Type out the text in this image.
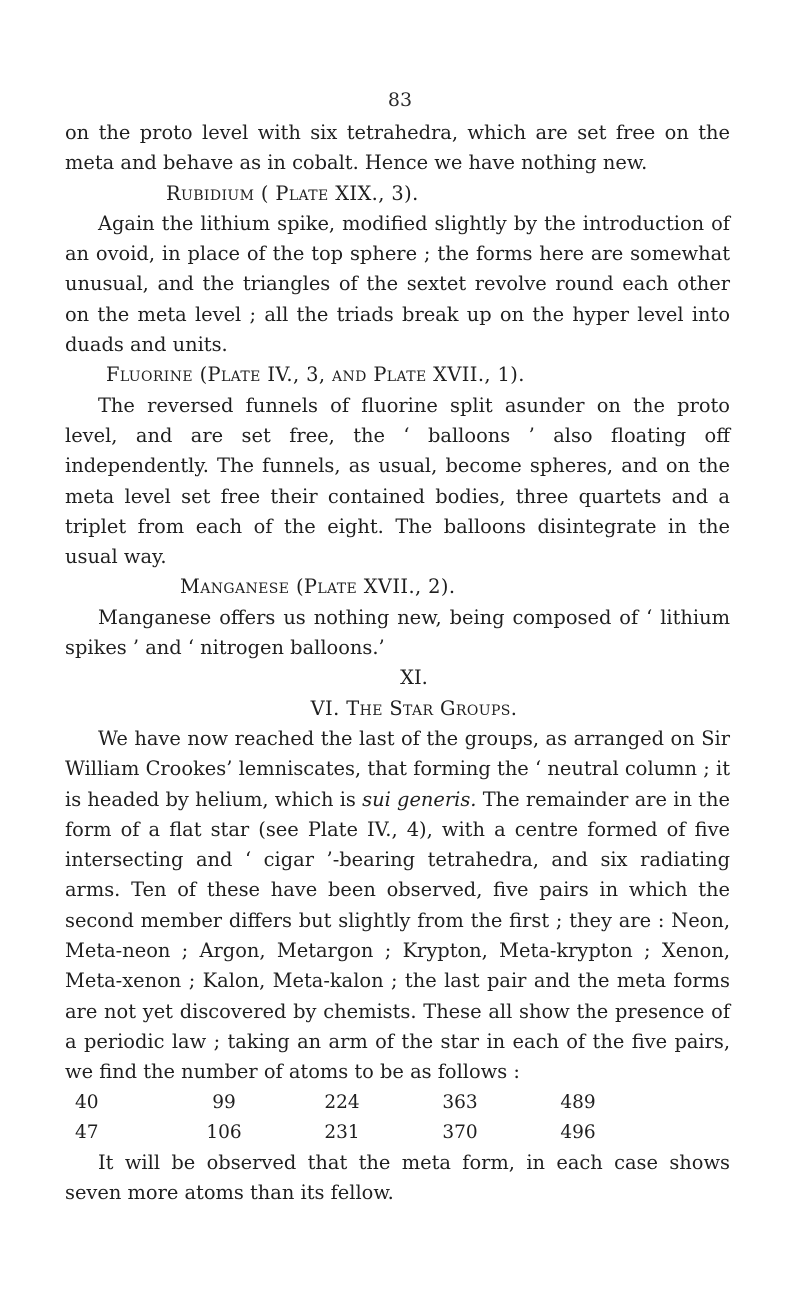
83

on the proto level with six tetrahedra, which are set free on the meta and behave as in cobalt. Hence we have nothing new.

Rubidium ( Plate XIX., 3).

Again the lithium spike, modified slightly by the introduction of an ovoid, in place of the top sphere ; the forms here are somewhat unusual, and the triangles of the sextet revolve round each other on the meta level ; all the triads break up on the hyper level into duads and units.

Fluorine (Plate IV., 3, and Plate XVII., 1).

The reversed funnels of fluorine split asunder on the proto level, and are set free, the ‘ balloons ’ also floating off independently. The funnels, as usual, become spheres, and on the meta level set free their contained bodies, three quartets and a triplet from each of the eight. The balloons disintegrate in the usual way.

Manganese (Plate XVII., 2).

Manganese offers us nothing new, being composed of ‘ lithium spikes ’ and ‘ nitrogen balloons.’

XI.

VI. The Star Groups.

We have now reached the last of the groups, as arranged on Sir William Crookes’ lemniscates, that forming the ‘ neutral column ; it is headed by helium, which is sui generis. The remainder are in the form of a flat star (see Plate IV., 4), with a centre formed of five intersecting and ‘ cigar ’-bearing tetrahedra, and six radiating arms. Ten of these have been observed, five pairs in which the second member differs but slightly from the first ; they are : Neon, Meta-neon ; Argon, Metargon ; Krypton, Meta-krypton ; Xenon, Meta-xenon ; Kalon, Meta-kalon ; the last pair and the meta forms are not yet discovered by chemists. These all show the presence of a periodic law ; taking an arm of the star in each of the five pairs, we find the number of atoms to be as follows :

40	99	224	363	489
47	106	231	370	496

It will be observed that the meta form, in each case shows seven more atoms than its fellow.
